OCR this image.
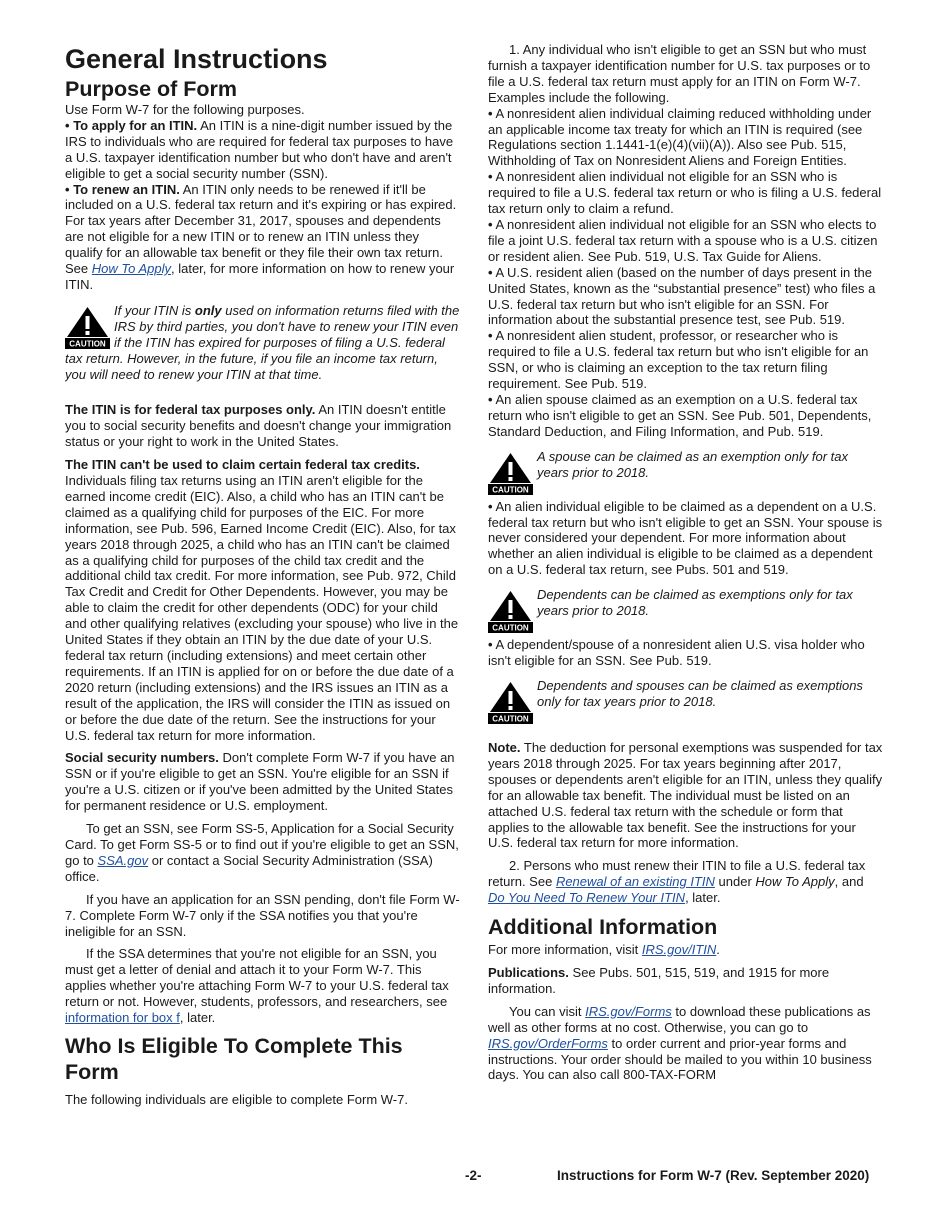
General Instructions
Purpose of Form

Use Form W-7 for the following purposes.

• To apply for an ITIN. An ITIN is a nine-digit number issued by the IRS to individuals who are required for federal tax purposes to have a U.S. taxpayer identification number but who don't have and aren't eligible to get a social security number (SSN).

• To renew an ITIN. An ITIN only needs to be renewed if it'll be included on a U.S. federal tax return and it's expiring or has expired. For tax years after December 31, 2017, spouses and dependents are not eligible for a new ITIN or to renew an ITIN unless they qualify for an allowable tax benefit or they file their own tax return. See How To Apply, later, for more information on how to renew your ITIN.

CAUTION

If your ITIN is only used on information returns filed with the IRS by third parties, you don't have to renew your ITIN even if the ITIN has expired for purposes of filing a U.S. federal tax return. However, in the future, if you file an income tax return, you will need to renew your ITIN at that time.

The ITIN is for federal tax purposes only. An ITIN doesn't entitle you to social security benefits and doesn't change your immigration status or your right to work in the United States.

The ITIN can't be used to claim certain federal tax credits. Individuals filing tax returns using an ITIN aren't eligible for the earned income credit (EIC). Also, a child who has an ITIN can't be claimed as a qualifying child for purposes of the EIC. For more information, see Pub. 596, Earned Income Credit (EIC). Also, for tax years 2018 through 2025, a child who has an ITIN can't be claimed as a qualifying child for purposes of the child tax credit and the additional child tax credit. For more information, see Pub. 972, Child Tax Credit and Credit for Other Dependents. However, you may be able to claim the credit for other dependents (ODC) for your child and other qualifying relatives (excluding your spouse) who live in the United States if they obtain an ITIN by the due date of your U.S. federal tax return (including extensions) and meet certain other requirements. If an ITIN is applied for on or before the due date of a 2020 return (including extensions) and the IRS issues an ITIN as a result of the application, the IRS will consider the ITIN as issued on or before the due date of the return. See the instructions for your U.S. federal tax return for more information.

Social security numbers. Don't complete Form W-7 if you have an SSN or if you're eligible to get an SSN. You're eligible for an SSN if you're a U.S. citizen or if you've been admitted by the United States for permanent residence or U.S. employment.

To get an SSN, see Form SS-5, Application for a Social Security Card. To get Form SS-5 or to find out if you're eligible to get an SSN, go to SSA.gov or contact a Social Security Administration (SSA) office.

If you have an application for an SSN pending, don't file Form W-7. Complete Form W-7 only if the SSA notifies you that you're ineligible for an SSN.

If the SSA determines that you're not eligible for an SSN, you must get a letter of denial and attach it to your Form W-7. This applies whether you're attaching Form W-7 to your U.S. federal tax return or not. However, students, professors, and researchers, see information for box f, later.

Who Is Eligible To Complete This Form

The following individuals are eligible to complete Form W-7.

1. Any individual who isn't eligible to get an SSN but who must furnish a taxpayer identification number for U.S. tax purposes or to file a U.S. federal tax return must apply for an ITIN on Form W-7. Examples include the following.

• A nonresident alien individual claiming reduced withholding under an applicable income tax treaty for which an ITIN is required (see Regulations section 1.1441-1(e)(4)(vii)(A)). Also see Pub. 515, Withholding of Tax on Nonresident Aliens and Foreign Entities.

• A nonresident alien individual not eligible for an SSN who is required to file a U.S. federal tax return or who is filing a U.S. federal tax return only to claim a refund.

• A nonresident alien individual not eligible for an SSN who elects to file a joint U.S. federal tax return with a spouse who is a U.S. citizen or resident alien. See Pub. 519, U.S. Tax Guide for Aliens.

• A U.S. resident alien (based on the number of days present in the United States, known as the “substantial presence” test) who files a U.S. federal tax return but who isn't eligible for an SSN. For information about the substantial presence test, see Pub. 519.

• A nonresident alien student, professor, or researcher who is required to file a U.S. federal tax return but who isn't eligible for an SSN, or who is claiming an exception to the tax return filing requirement. See Pub. 519.

• An alien spouse claimed as an exemption on a U.S. federal tax return who isn't eligible to get an SSN. See Pub. 501, Dependents, Standard Deduction, and Filing Information, and Pub. 519.

CAUTION

A spouse can be claimed as an exemption only for tax years prior to 2018.

• An alien individual eligible to be claimed as a dependent on a U.S. federal tax return but who isn't eligible to get an SSN. Your spouse is never considered your dependent. For more information about whether an alien individual is eligible to be claimed as a dependent on a U.S. federal tax return, see Pubs. 501 and 519.

CAUTION

Dependents can be claimed as exemptions only for tax years prior to 2018.

• A dependent/spouse of a nonresident alien U.S. visa holder who isn't eligible for an SSN. See Pub. 519.

CAUTION

Dependents and spouses can be claimed as exemptions only for tax years prior to 2018.

Note. The deduction for personal exemptions was suspended for tax years 2018 through 2025. For tax years beginning after 2017, spouses or dependents aren't eligible for an ITIN, unless they qualify for an allowable tax benefit. The individual must be listed on an attached U.S. federal tax return with the schedule or form that applies to the allowable tax benefit. See the instructions for your U.S. federal tax return for more information.

2. Persons who must renew their ITIN to file a U.S. federal tax return. See Renewal of an existing ITIN under How To Apply, and Do You Need To Renew Your ITIN, later.

Additional Information

For more information, visit IRS.gov/ITIN.

Publications. See Pubs. 501, 515, 519, and 1915 for more information.

You can visit IRS.gov/Forms to download these publications as well as other forms at no cost. Otherwise, you can go to IRS.gov/OrderForms to order current and prior-year forms and instructions. Your order should be mailed to you within 10 business days. You can also call 800-TAX-FORM

-2-	Instructions for Form W-7 (Rev. September 2020)
